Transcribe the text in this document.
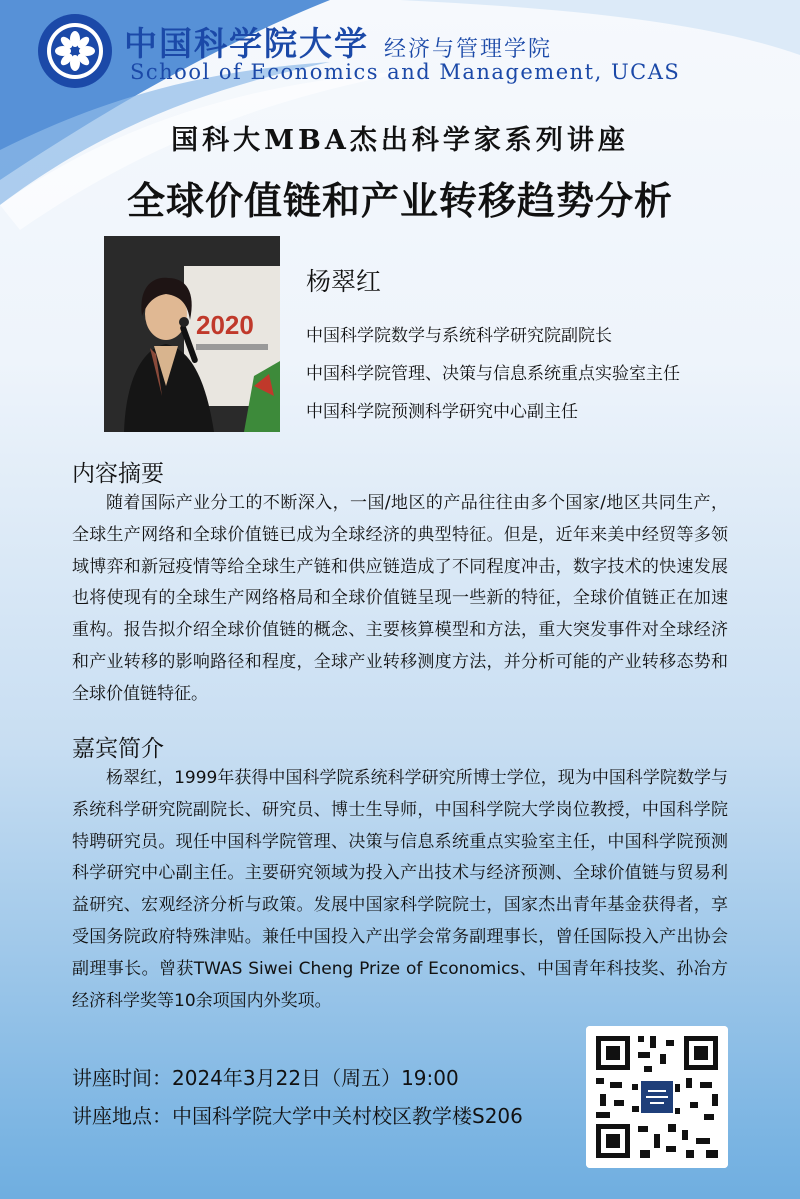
中国科学院大学 经济与管理学院
School of Economics and Management, UCAS
国科大MBA杰出科学家系列讲座
全球价值链和产业转移趋势分析
2020
杨翠红
中国科学院数学与系统科学研究院副院长
中国科学院管理、决策与信息系统重点实验室主任
中国科学院预测科学研究中心副主任
内容摘要

随着国际产业分工的不断深入，一国/地区的产品往往由多个国家/地区共同生产，全球生产网络和全球价值链已成为全球经济的典型特征。但是，近年来美中经贸等多领域博弈和新冠疫情等给全球生产链和供应链造成了不同程度冲击，数字技术的快速发展也将使现有的全球生产网络格局和全球价值链呈现一些新的特征，全球价值链正在加速重构。报告拟介绍全球价值链的概念、主要核算模型和方法，重大突发事件对全球经济和产业转移的影响路径和程度，全球产业转移测度方法，并分析可能的产业转移态势和全球价值链特征。

嘉宾简介

杨翠红，1999年获得中国科学院系统科学研究所博士学位，现为中国科学院数学与系统科学研究院副院长、研究员、博士生导师，中国科学院大学岗位教授，中国科学院特聘研究员。现任中国科学院管理、决策与信息系统重点实验室主任，中国科学院预测科学研究中心副主任。主要研究领域为投入产出技术与经济预测、全球价值链与贸易利益研究、宏观经济分析与政策。发展中国家科学院院士，国家杰出青年基金获得者，享受国务院政府特殊津贴。兼任中国投入产出学会常务副理事长，曾任国际投入产出协会副理事长。曾获TWAS Siwei Cheng Prize of Economics、中国青年科技奖、孙冶方经济科学奖等10余项国内外奖项。

讲座时间：2024年3月22日（周五）19:00
讲座地点：中国科学院大学中关村校区教学楼S206
